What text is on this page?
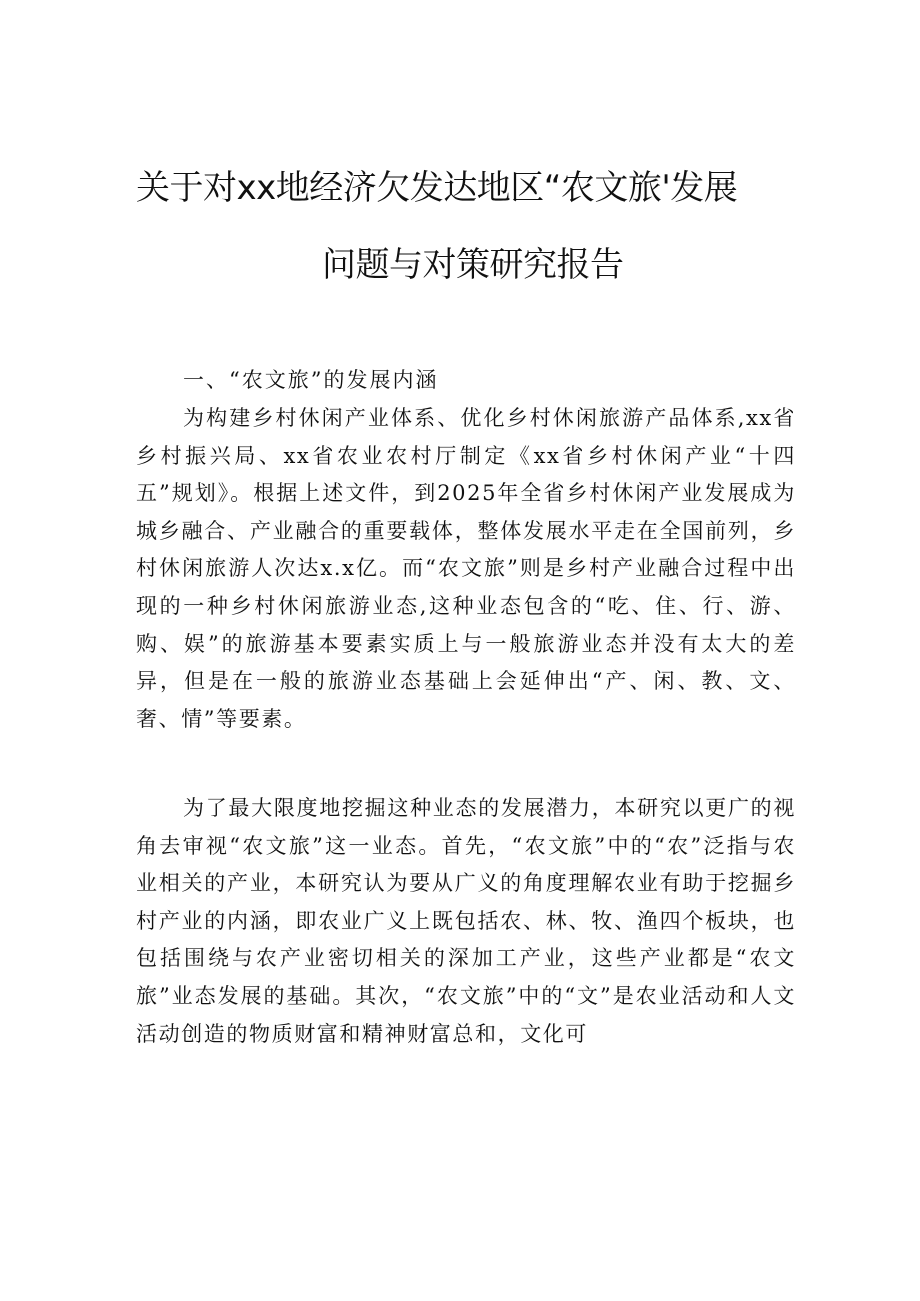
关于对xx地经济欠发达地区“农文旅'发展
问题与对策研究报告

一、“农文旅”的发展内涵

为构建乡村休闲产业体系、优化乡村休闲旅游产品体系,xx省乡村振兴局、xx省农业农村厅制定《xx省乡村休闲产业“十四五”规划》。根据上述文件，到2025年全省乡村休闲产业发展成为城乡融合、产业融合的重要载体，整体发展水平走在全国前列，乡村休闲旅游人次达x.x亿。而“农文旅”则是乡村产业融合过程中出现的一种乡村休闲旅游业态,这种业态包含的“吃、住、行、游、购、娱”的旅游基本要素实质上与一般旅游业态并没有太大的差异，但是在一般的旅游业态基础上会延伸出“产、闲、教、文、奢、情”等要素。

为了最大限度地挖掘这种业态的发展潜力，本研究以更广的视角去审视“农文旅”这一业态。首先，“农文旅”中的“农”泛指与农业相关的产业，本研究认为要从广义的角度理解农业有助于挖掘乡村产业的内涵，即农业广义上既包括农、林、牧、渔四个板块，也包括围绕与农产业密切相关的深加工产业，这些产业都是“农文旅”业态发展的基础。其次，“农文旅”中的“文”是农业活动和人文活动创造的物质财富和精神财富总和，文化可
